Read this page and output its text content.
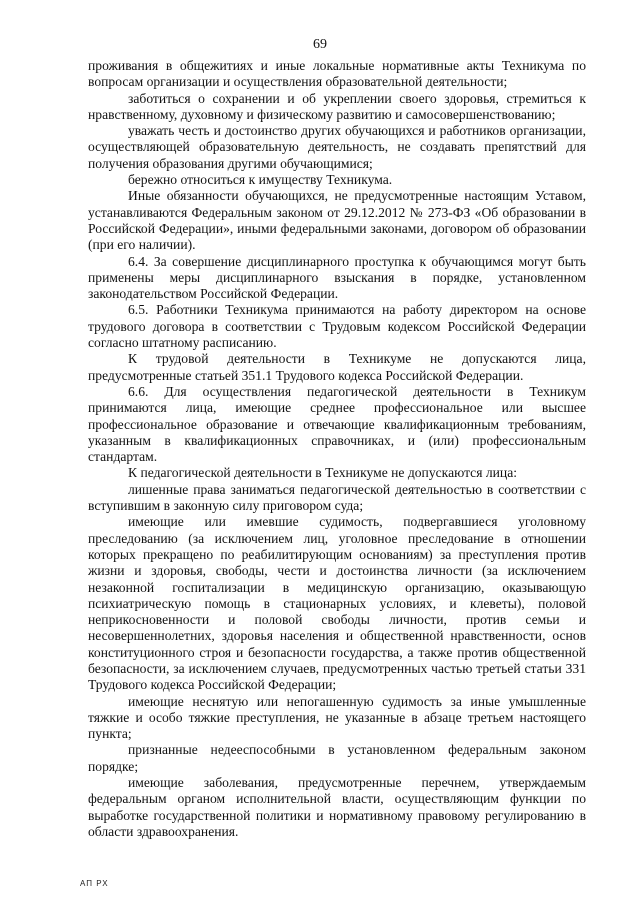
69

проживания в общежитиях и иные локальные нормативные акты Техникума по вопросам организации и осуществления образовательной деятельности;

заботиться о сохранении и об укреплении своего здоровья, стремиться к нравственному, духовному и физическому развитию и самосовершенствованию;

уважать честь и достоинство других обучающихся и работников организации, осуществляющей образовательную деятельность, не создавать препятствий для получения образования другими обучающимися;

бережно относиться к имуществу Техникума.

Иные обязанности обучающихся, не предусмотренные настоящим Уставом, устанавливаются Федеральным законом от 29.12.2012 № 273-ФЗ «Об образовании в Российской Федерации», иными федеральными законами, договором об образовании (при его наличии).

6.4. За совершение дисциплинарного проступка к обучающимся могут быть применены меры дисциплинарного взыскания в порядке, установленном законодательством Российской Федерации.

6.5. Работники Техникума принимаются на работу директором на основе трудового договора в соответствии с Трудовым кодексом Российской Федерации согласно штатному расписанию.

К трудовой деятельности в Техникуме не допускаются лица, предусмотренные статьей 351.1 Трудового кодекса Российской Федерации.

6.6. Для осуществления педагогической деятельности в Техникум принимаются лица, имеющие среднее профессиональное или высшее профессиональное образование и отвечающие квалификационным требованиям, указанным в квалификационных справочниках, и (или) профессиональным стандартам.

К педагогической деятельности в Техникуме не допускаются лица:

лишенные права заниматься педагогической деятельностью в соответствии с вступившим в законную силу приговором суда;

имеющие или имевшие судимость, подвергавшиеся уголовному преследованию (за исключением лиц, уголовное преследование в отношении которых прекращено по реабилитирующим основаниям) за преступления против жизни и здоровья, свободы, чести и достоинства личности (за исключением незаконной госпитализации в медицинскую организацию, оказывающую психиатрическую помощь в стационарных условиях, и клеветы), половой неприкосновенности и половой свободы личности, против семьи и несовершеннолетних, здоровья населения и общественной нравственности, основ конституционного строя и безопасности государства, а также против общественной безопасности, за исключением случаев, предусмотренных частью третьей статьи 331 Трудового кодекса Российской Федерации;

имеющие неснятую или непогашенную судимость за иные умышленные тяжкие и особо тяжкие преступления, не указанные в абзаце третьем настоящего пункта;

признанные недееспособными в установленном федеральным законом порядке;

имеющие заболевания, предусмотренные перечнем, утверждаемым федеральным органом исполнительной власти, осуществляющим функции по выработке государственной политики и нормативному правовому регулированию в области здравоохранения.

АП РХ
